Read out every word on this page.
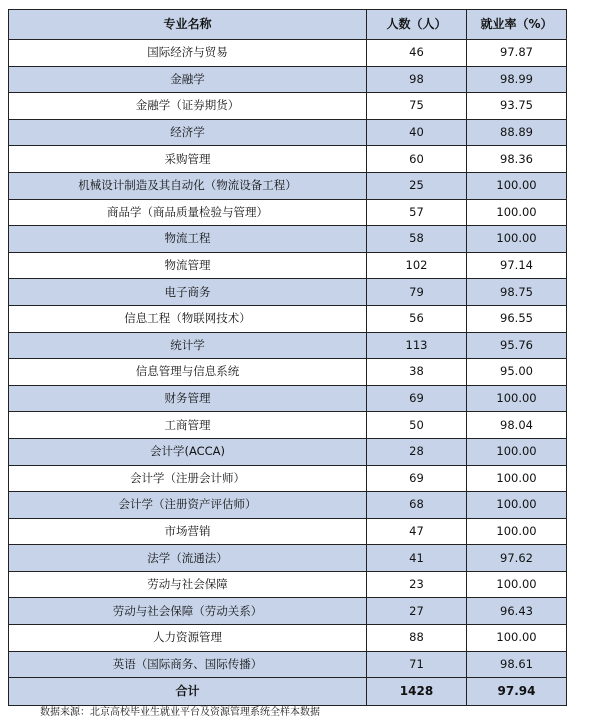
专业名称	人数（人）	就业率（%）
国际经济与贸易	46	97.87
金融学	98	98.99
金融学（证券期货）	75	93.75
经济学	40	88.89
采购管理	60	98.36
机械设计制造及其自动化（物流设备工程）	25	100.00
商品学（商品质量检验与管理）	57	100.00
物流工程	58	100.00
物流管理	102	97.14
电子商务	79	98.75
信息工程（物联网技术）	56	96.55
统计学	113	95.76
信息管理与信息系统	38	95.00
财务管理	69	100.00
工商管理	50	98.04
会计学(ACCA)	28	100.00
会计学（注册会计师）	69	100.00
会计学（注册资产评估师）	68	100.00
市场营销	47	100.00
法学（流通法）	41	97.62
劳动与社会保障	23	100.00
劳动与社会保障（劳动关系）	27	96.43
人力资源管理	88	100.00
英语（国际商务、国际传播）	71	98.61
合计	1428	97.94
数据来源：北京高校毕业生就业平台及资源管理系统全样本数据
